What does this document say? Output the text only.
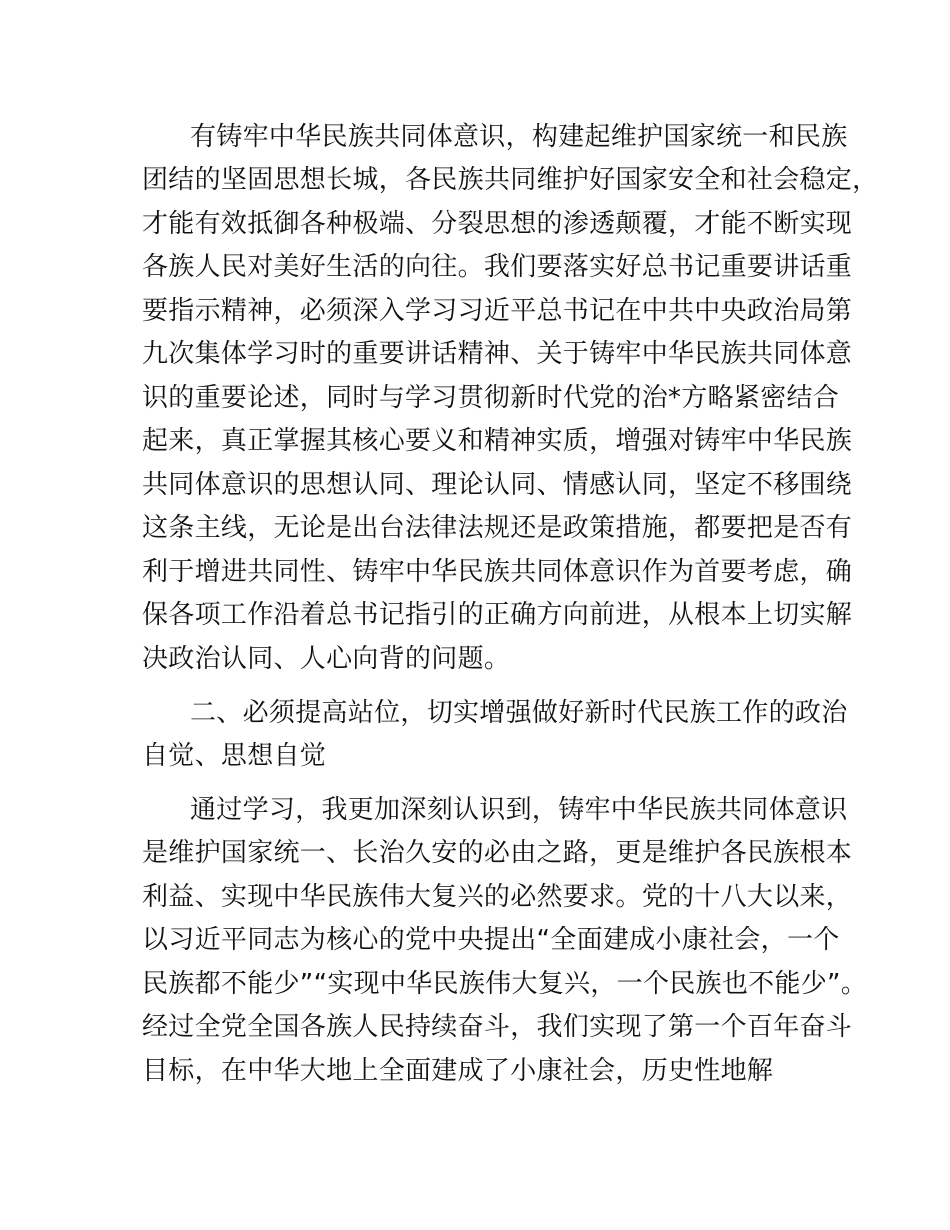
有铸牢中华民族共同体意识，构建起维护国家统一和民族
团结的坚固思想长城，各民族共同维护好国家安全和社会稳定，
才能有效抵御各种极端、分裂思想的渗透颠覆，才能不断实现
各族人民对美好生活的向往。我们要落实好总书记重要讲话重
要指示精神，必须深入学习习近平总书记在中共中央政治局第
九次集体学习时的重要讲话精神、关于铸牢中华民族共同体意
识的重要论述，同时与学习贯彻新时代党的治*方略紧密结合
起来，真正掌握其核心要义和精神实质，增强对铸牢中华民族
共同体意识的思想认同、理论认同、情感认同，坚定不移围绕
这条主线，无论是出台法律法规还是政策措施，都要把是否有
利于增进共同性、铸牢中华民族共同体意识作为首要考虑，确
保各项工作沿着总书记指引的正确方向前进，从根本上切实解
决政治认同、人心向背的问题。
二、必须提高站位，切实增强做好新时代民族工作的政治
自觉、思想自觉
通过学习，我更加深刻认识到，铸牢中华民族共同体意识
是维护国家统一、长治久安的必由之路，更是维护各民族根本
利益、实现中华民族伟大复兴的必然要求。党的十八大以来，
以习近平同志为核心的党中央提出“全面建成小康社会，一个
民族都不能少”“实现中华民族伟大复兴，一个民族也不能少”。
经过全党全国各族人民持续奋斗，我们实现了第一个百年奋斗
目标，在中华大地上全面建成了小康社会，历史性地解
